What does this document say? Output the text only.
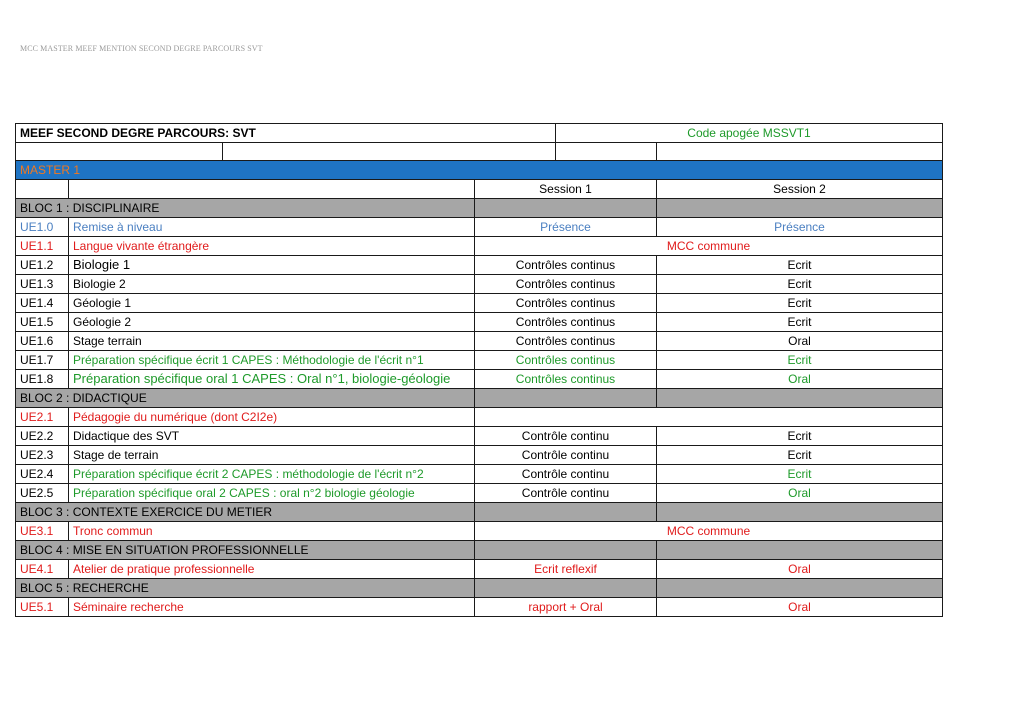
MCC MASTER MEEF MENTION SECOND DEGRE PARCOURS SVT
MEEF SECOND DEGRE PARCOURS: SVT				Code apogée MSSVT1	

MASTER 1					
			Session 1		Session 2
BLOC 1 : DISCIPLINAIRE					
UE1.0	Remise à niveau		Présence		Présence
UE1.1	Langue vivante étrangère		MCC commune		
UE1.2	Biologie 1		Contrôles continus		Ecrit
UE1.3	Biologie 2		Contrôles continus		Ecrit
UE1.4	Géologie 1		Contrôles continus		Ecrit
UE1.5	Géologie 2		Contrôles continus		Ecrit
UE1.6	Stage terrain		Contrôles continus		Oral
UE1.7	Préparation spécifique écrit 1 CAPES : Méthodologie de l'écrit n°1		Contrôles continus		Ecrit
UE1.8	Préparation spécifique oral 1 CAPES : Oral n°1, biologie-géologie		Contrôles continus		Oral
BLOC 2 : DIDACTIQUE					
UE2.1	Pédagogie du numérique (dont C2I2e)				
UE2.2	Didactique des SVT		Contrôle continu		Ecrit
UE2.3	Stage de terrain		Contrôle continu		Ecrit
UE2.4	Préparation spécifique écrit 2 CAPES : méthodologie de l'écrit n°2		Contrôle continu		Ecrit
UE2.5	Préparation spécifique oral 2 CAPES : oral n°2 biologie géologie		Contrôle continu		Oral
BLOC 3 : CONTEXTE EXERCICE DU METIER					
UE3.1	Tronc commun		MCC commune		
BLOC 4 : MISE EN SITUATION PROFESSIONNELLE					
UE4.1	Atelier de pratique professionnelle		Ecrit reflexif		Oral
BLOC 5 : RECHERCHE					
UE5.1	Séminaire recherche		rapport + Oral		Oral
